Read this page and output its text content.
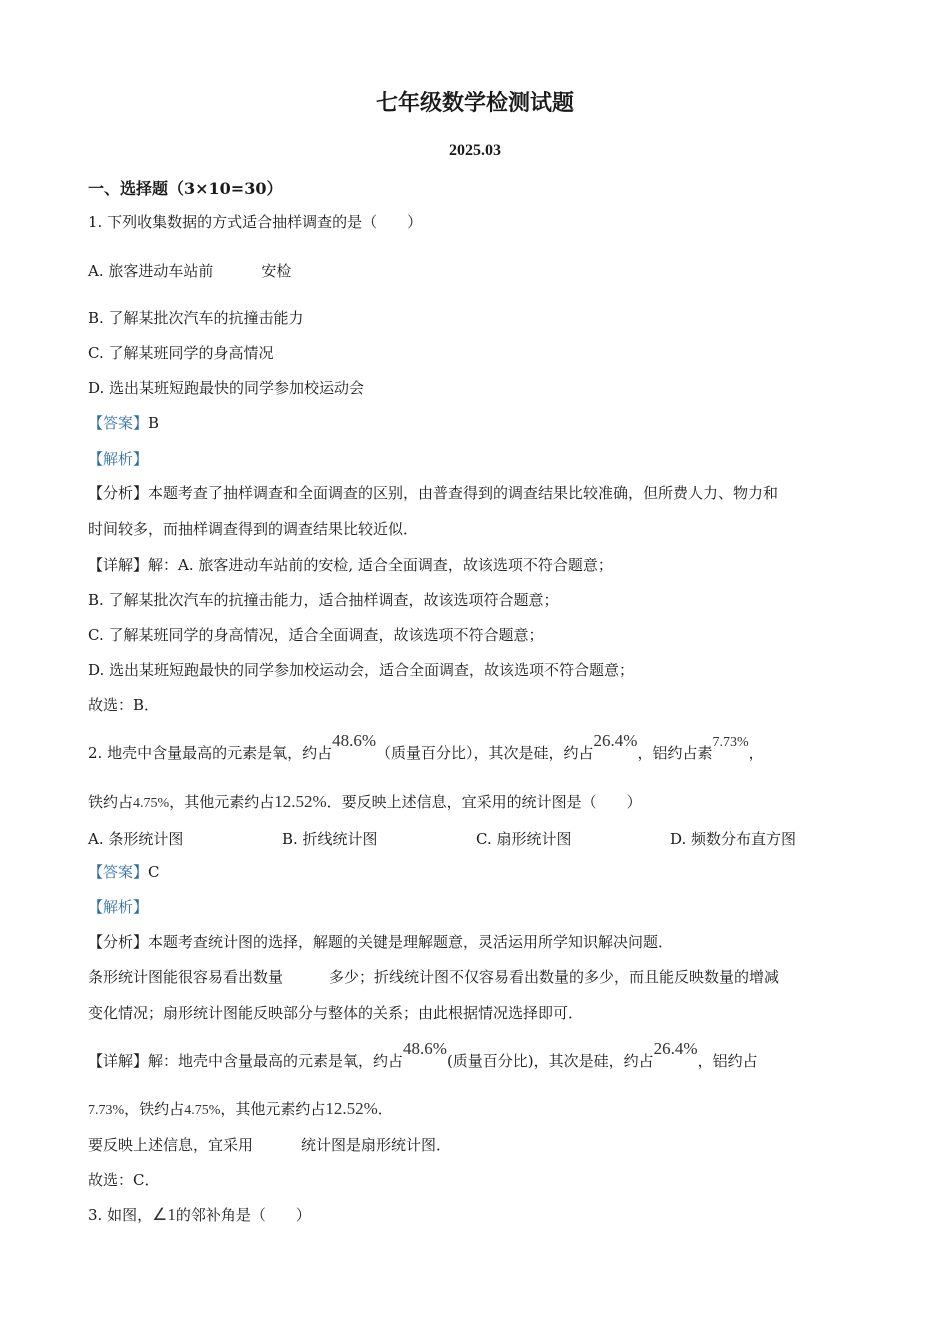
七年级数学检测试题
2025.03
一、选择题（3×10=30）
1. 下列收集数据的方式适合抽样调查的是（　　）
A. 旅客进动车站前	安检
B. 了解某批次汽车的抗撞击能力
C. 了解某班同学的身高情况
D. 选出某班短跑最快的同学参加校运动会
【答案】B
【解析】
【分析】本题考查了抽样调查和全面调查的区别，由普查得到的调查结果比较准确，但所费人力、物力和
时间较多，而抽样调查得到的调查结果比较近似．
【详解】解：A. 旅客进动车站前的安检, 适合全面调查，故该选项不符合题意；
B. 了解某批次汽车的抗撞击能力，适合抽样调查，故该选项符合题意；
C. 了解某班同学的身高情况，适合全面调查，故该选项不符合题意；
D. 选出某班短跑最快的同学参加校运动会，适合全面调查，故该选项不符合题意；
故选：B．
2. 地壳中含量最高的元素是氧，约占48.6%（质量百分比），其次是硅，约占26.4%，铝约占素7.73%，
铁约占4.75%，其他元素约占12.52%．要反映上述信息，宜采用的统计图是（　　）
A. 条形统计图	B. 折线统计图	C. 扇形统计图	D. 频数分布直方图
【答案】C
【解析】
【分析】本题考查统计图的选择，解题的关键是理解题意，灵活运用所学知识解决问题．
条形统计图能很容易看出数量	多少；折线统计图不仅容易看出数量的多少，而且能反映数量的增减
变化情况；扇形统计图能反映部分与整体的关系；由此根据情况选择即可．
【详解】解：地壳中含量最高的元素是氧，约占48.6%(质量百分比)，其次是硅，约占26.4%，铝约占
7.73%，铁约占4.75%，其他元素约占12.52%．
要反映上述信息，宜采用	统计图是扇形统计图．
故选：C．
3. 如图，∠1的邻补角是（　　）
